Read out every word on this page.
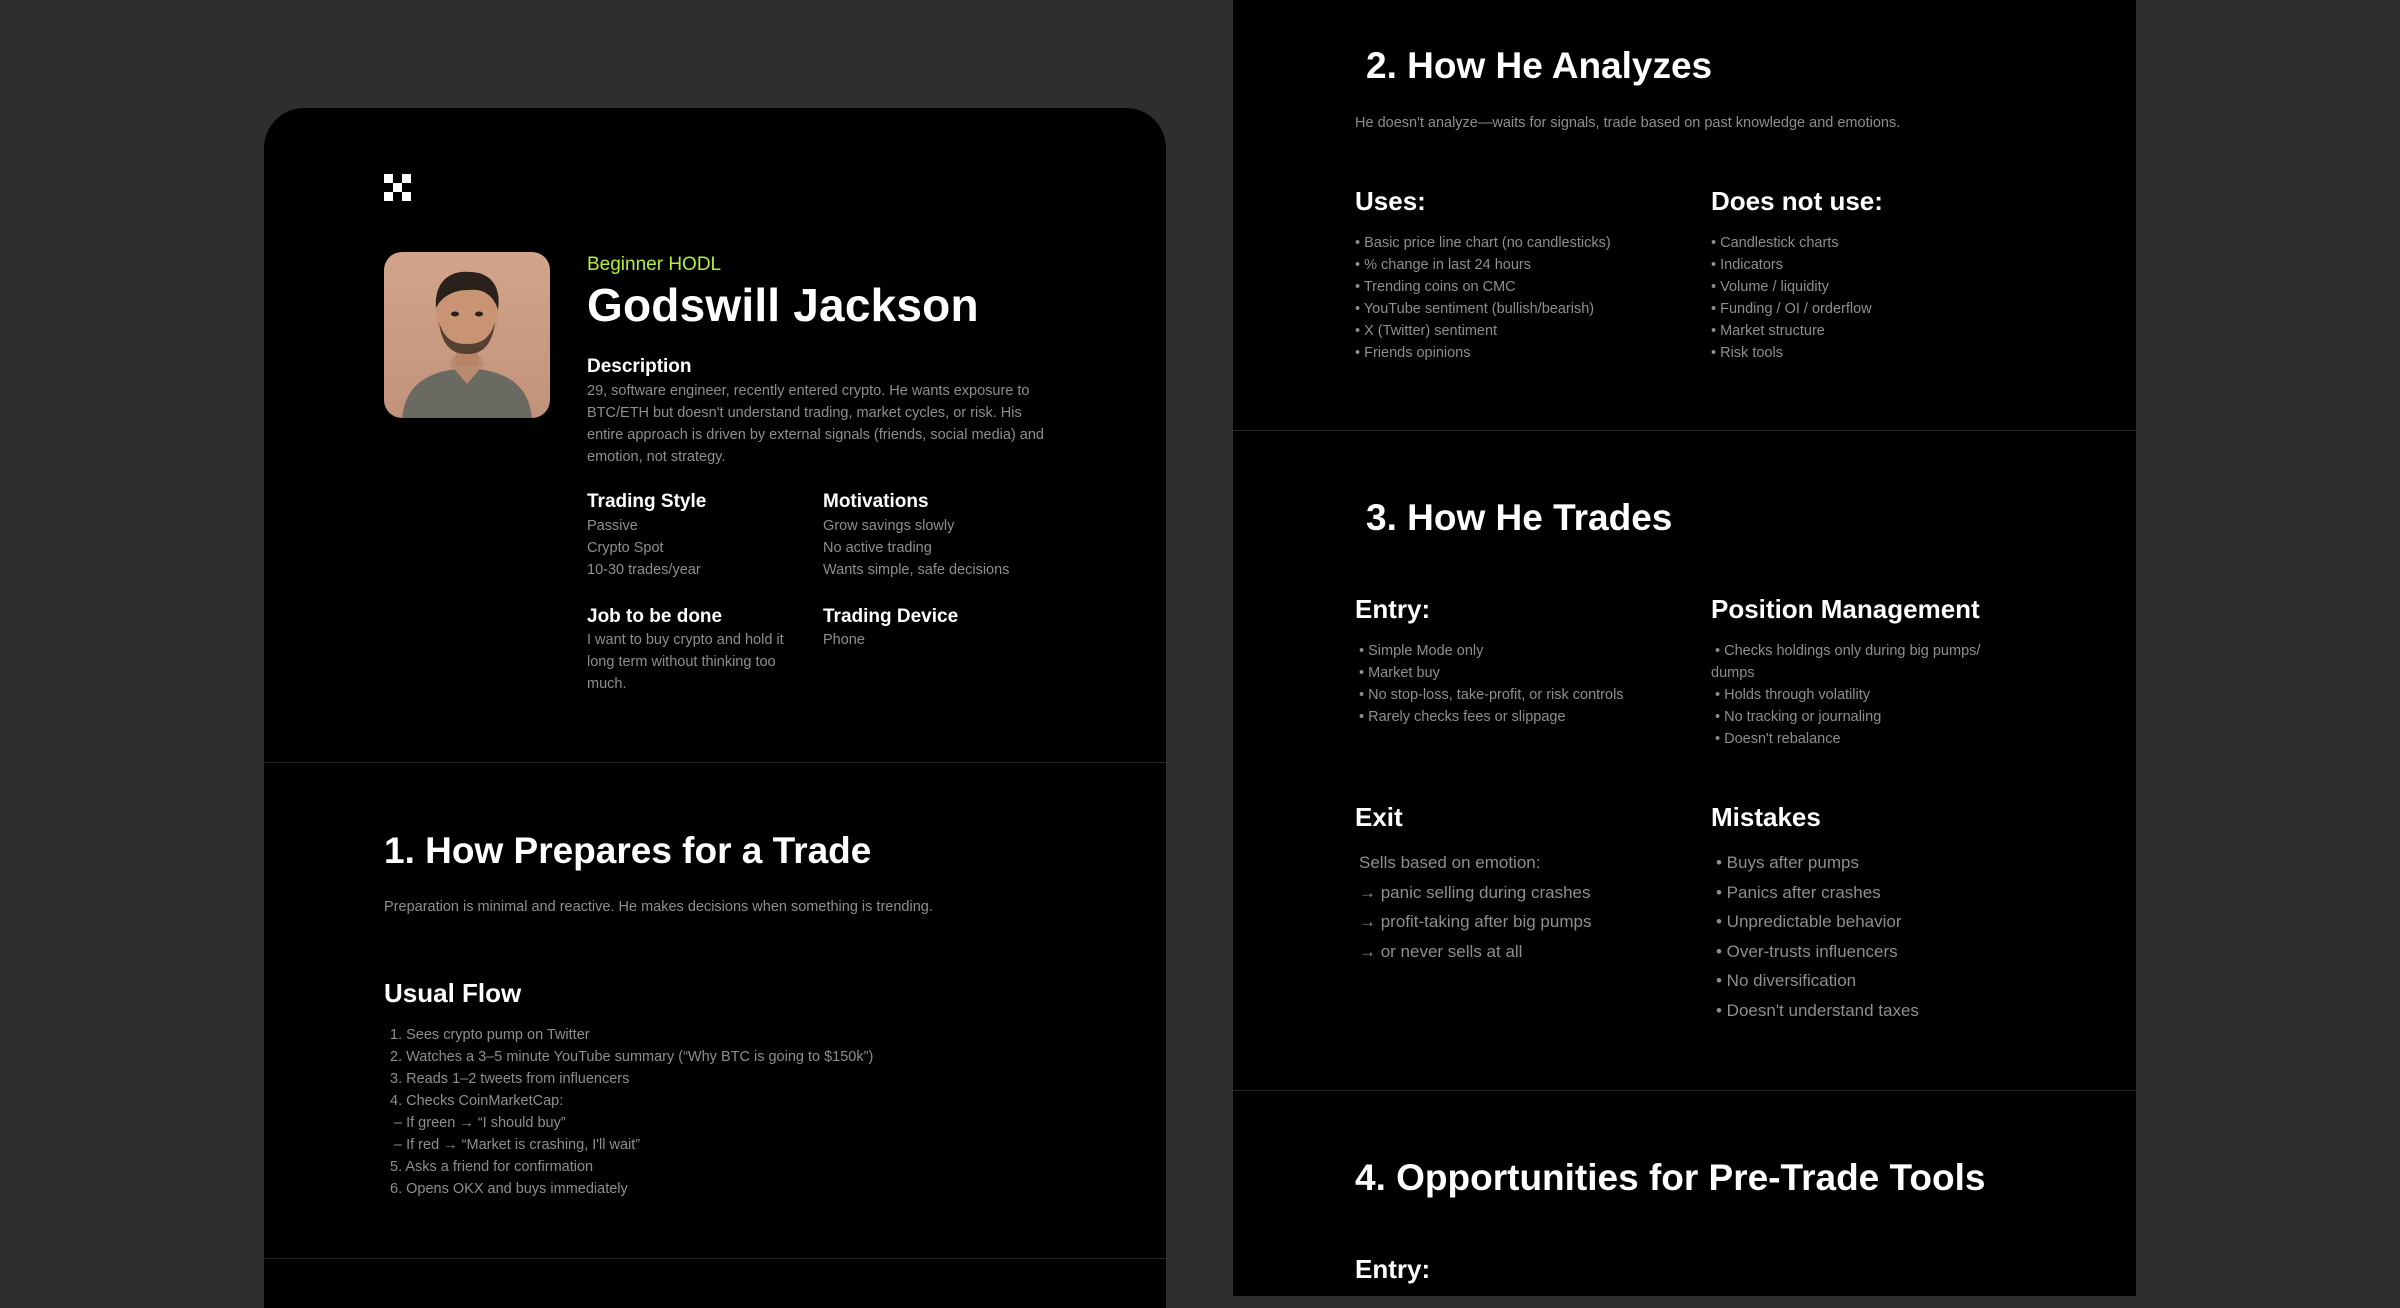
Beginner HODL
Godswill Jackson
Description
29, software engineer, recently entered crypto. He wants exposure to BTC/ETH but doesn't understand trading, market cycles, or risk. His entire approach is driven by external signals (friends, social media) and emotion, not strategy.
Trading Style
Passive
Crypto Spot
10-30 trades/year
Motivations
Grow savings slowly
No active trading
Wants simple, safe decisions
Job to be done
I want to buy crypto and hold it long term without thinking too much.
Trading Device
Phone
1. How Prepares for a Trade
Preparation is minimal and reactive. He makes decisions when something is trending.
Usual Flow
1. Sees crypto pump on Twitter
2. Watches a 3–5 minute YouTube summary (“Why BTC is going to $150k”)
3. Reads 1–2 tweets from influencers
4. Checks CoinMarketCap:
– If green → “I should buy”
– If red → “Market is crashing, I'll wait”
5. Asks a friend for confirmation
6. Opens OKX and buys immediately
2. How He Analyzes
He doesn't analyze—waits for signals, trade based on past knowledge and emotions.
Uses:
• Basic price line chart (no candlesticks)
• % change in last 24 hours
• Trending coins on CMC
• YouTube sentiment (bullish/bearish)
• X (Twitter) sentiment
• Friends opinions
Does not use:
• Candlestick charts
• Indicators
• Volume / liquidity
• Funding / OI / orderflow
• Market structure
• Risk tools
3. How He Trades
Entry:
• Simple Mode only
• Market buy
• No stop-loss, take-profit, or risk controls
• Rarely checks fees or slippage
Position Management
• Checks holdings only during big pumps/
dumps
• Holds through volatility
• No tracking or journaling
• Doesn't rebalance
Exit
Sells based on emotion:
→ panic selling during crashes
→ profit-taking after big pumps
→ or never sells at all
Mistakes
• Buys after pumps
• Panics after crashes
• Unpredictable behavior
• Over-trusts influencers
• No diversification
• Doesn't understand taxes
4. Opportunities for Pre-Trade Tools
Entry:
